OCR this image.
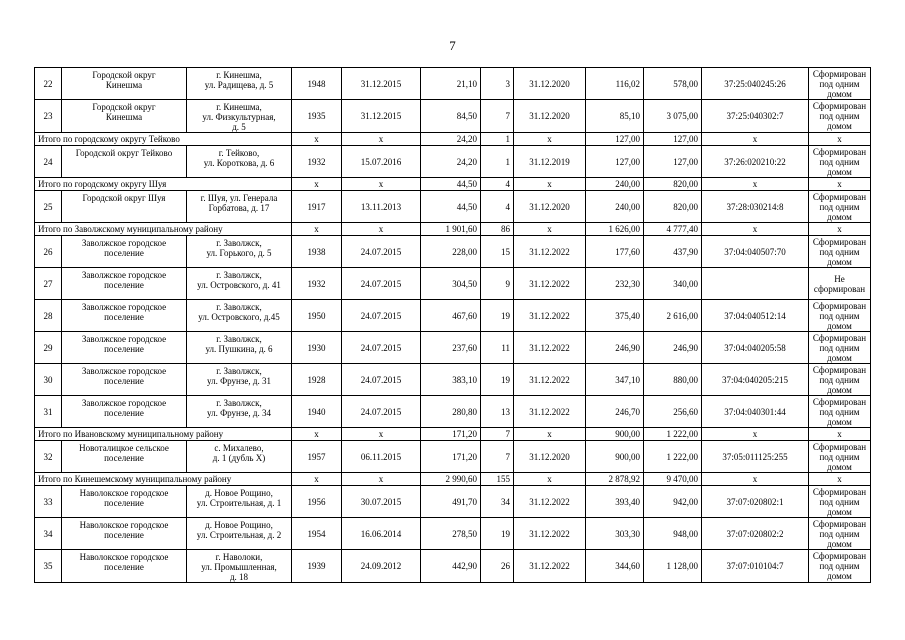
7
22	Городской округ
Кинешма	г. Кинешма,
ул. Радищева, д. 5	1948	31.12.2015	21,10	3	31.12.2020	116,02	578,00	37:25:040245:26	Сформирован
под одним
домом
23	Городской округ
Кинешма	г. Кинешма,
ул. Физкультурная,
д. 5	1935	31.12.2015	84,50	7	31.12.2020	85,10	3 075,00	37:25:040302:7	Сформирован
под одним
домом
Итого по городскому округу Тейково			x	x	24,20	1	x	127,00	127,00	x	x
24	Городской округ Тейково	г. Тейково,
ул. Короткова, д. 6	1932	15.07.2016	24,20	1	31.12.2019	127,00	127,00	37:26:020210:22	Сформирован
под одним
домом
Итого по городскому округу Шуя			x	x	44,50	4	x	240,00	820,00	x	x
25	Городской округ Шуя	г. Шуя, ул. Генерала
Горбатова, д. 17	1917	13.11.2013	44,50	4	31.12.2020	240,00	820,00	37:28:030214:8	Сформирован
под одним
домом
Итого по Заволжскому муниципальному району			x	x	1 901,60	86	x	1 626,00	4 777,40	x	x
26	Заволжское городское
поселение	г. Заволжск,
ул. Горького, д. 5	1938	24.07.2015	228,00	15	31.12.2022	177,60	437,90	37:04:040507:70	Сформирован
под одним
домом
27	Заволжское городское
поселение	г. Заволжск,
ул. Островского, д. 41	1932	24.07.2015	304,50	9	31.12.2022	232,30	340,00		Не
сформирован
28	Заволжское городское
поселение	г. Заволжск,
ул. Островского, д.45	1950	24.07.2015	467,60	19	31.12.2022	375,40	2 616,00	37:04:040512:14	Сформирован
под одним
домом
29	Заволжское городское
поселение	г. Заволжск,
ул. Пушкина, д. 6	1930	24.07.2015	237,60	11	31.12.2022	246,90	246,90	37:04:040205:58	Сформирован
под одним
домом
30	Заволжское городское
поселение	г. Заволжск,
ул. Фрунзе, д. 31	1928	24.07.2015	383,10	19	31.12.2022	347,10	880,00	37:04:040205:215	Сформирован
под одним
домом
31	Заволжское городское
поселение	г. Заволжск,
ул. Фрунзе, д. 34	1940	24.07.2015	280,80	13	31.12.2022	246,70	256,60	37:04:040301:44	Сформирован
под одним
домом
Итого по Ивановскому муниципальному району			x	x	171,20	7	x	900,00	1 222,00	x	x
32	Новоталицкое сельское
поселение	с. Михалево,
д. 1 (дубль X)	1957	06.11.2015	171,20	7	31.12.2020	900,00	1 222,00	37:05:011125:255	Сформирован
под одним
домом
Итого по Кинешемскому муниципальному району			x	x	2 990,60	155	x	2 878,92	9 470,00	x	x
33	Наволокское городское
поселение	д. Новое Рощино,
ул. Строительная, д. 1	1956	30.07.2015	491,70	34	31.12.2022	393,40	942,00	37:07:020802:1	Сформирован
под одним
домом
34	Наволокское городское
поселение	д. Новое Рощино,
ул. Строительная, д. 2	1954	16.06.2014	278,50	19	31.12.2022	303,30	948,00	37:07:020802:2	Сформирован
под одним
домом
35	Наволокское городское
поселение	г. Наволоки,
ул. Промышленная,
д. 18	1939	24.09.2012	442,90	26	31.12.2022	344,60	1 128,00	37:07:010104:7	Сформирован
под одним
домом
